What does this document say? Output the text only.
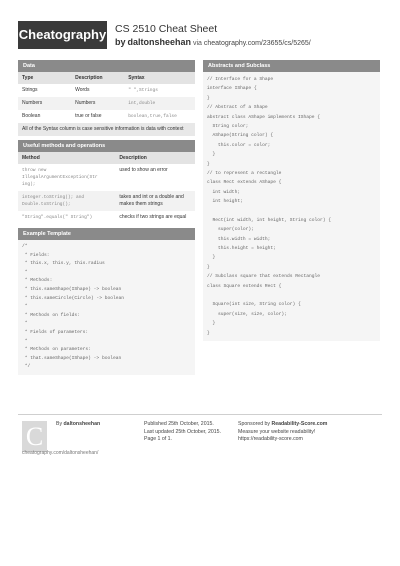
Cheatography CS 2510 Cheat Sheet
by daltonsheehan via cheatography.com/23655/cs/5265/
Data
Type	Description	Syntax
Strings	Words	" ",Strings
Numbers	Numbers	int,double
Boolean	true or false	boolean,true,false
All of the Syntax column is case sensitive information is data with context
Useful methods and operations
Method	Description
throw new IllegalArgumentException(Str ing);	used to show an error
integer.toString(); and Double.toString();	takes and int or a double and makes them strings
"String".equals(" String")	checks if two strings are equal
Example Template
/*
* Fields:
* this.x, this.y, this.radius
*
* Methods:
* this.sameShape(IShape) -> boolean
* this.sameCircle(Circle) -> boolean
*
* Methods on fields:
*
* Fields of parameters:
*
* Methods on parameters:
* that.sameShape(IShape) -> boolean
*/
Abstracts and Subclass
// Interface for a Shape
interface IShape {
}
// Abstract of a Shape
abstract class AShape implements IShape {
String color;
AShape(String color) {
this.color = color;
}
}
// to represent a rectangle
class Rect extends AShape {
int width;
int height;
Rect(int width, int height, String color) {
super(color);
this.width = width;
this.height = height;
}
}
// Subclass square that extends Rectangle
class Square extends Rect {
Square(int size, String color) {
super(size, size, color);
}
}
C	By daltonsheehan
cheatography.com/daltonsheehan/
Published 25th October, 2015.
Last updated 25th October, 2015.
Page 1 of 1.
Sponsored by Readability-Score.com
Measure your website readability!
https://readability-score.com
